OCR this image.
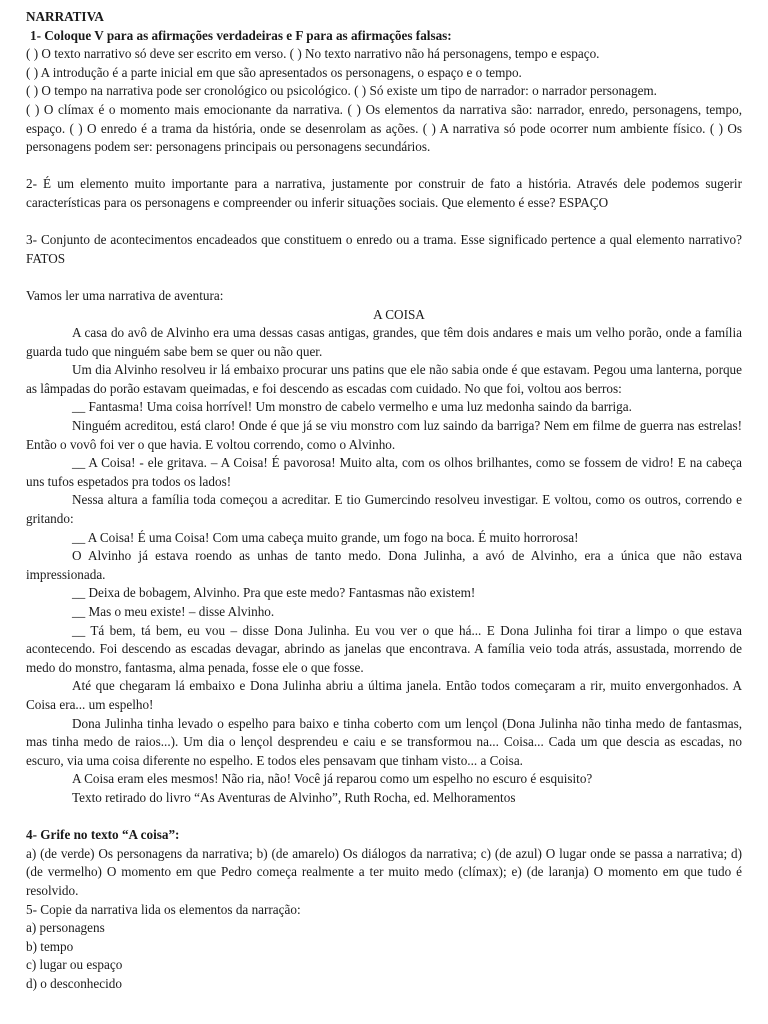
NARRATIVA

1- Coloque V para as afirmações verdadeiras e F para as afirmações falsas:

( ) O texto narrativo só deve ser escrito em verso. ( ) No texto narrativo não há personagens, tempo e espaço.

( ) A introdução é a parte inicial em que são apresentados os personagens, o espaço e o tempo.

( ) O tempo na narrativa pode ser cronológico ou psicológico. ( ) Só existe um tipo de narrador: o narrador personagem.

( ) O clímax é o momento mais emocionante da narrativa. ( ) Os elementos da narrativa são: narrador, enredo, personagens, tempo, espaço. ( ) O enredo é a trama da história, onde se desenrolam as ações. ( ) A narrativa só pode ocorrer num ambiente físico. ( ) Os personagens podem ser: personagens principais ou personagens secundários.

2- É um elemento muito importante para a narrativa, justamente por construir de fato a história. Através dele podemos sugerir características para os personagens e compreender ou inferir situações sociais. Que elemento é esse? ESPAÇO

3- Conjunto de acontecimentos encadeados que constituem o enredo ou a trama. Esse significado pertence a qual elemento narrativo? FATOS

Vamos ler uma narrativa de aventura:

A COISA

A casa do avô de Alvinho era uma dessas casas antigas, grandes, que têm dois andares e mais um velho porão, onde a família guarda tudo que ninguém sabe bem se quer ou não quer.

Um dia Alvinho resolveu ir lá embaixo procurar uns patins que ele não sabia onde é que estavam. Pegou uma lanterna, porque as lâmpadas do porão estavam queimadas, e foi descendo as escadas com cuidado. No que foi, voltou aos berros:

__ Fantasma! Uma coisa horrível! Um monstro de cabelo vermelho e uma luz medonha saindo da barriga.

Ninguém acreditou, está claro! Onde é que já se viu monstro com luz saindo da barriga? Nem em filme de guerra nas estrelas! Então o vovô foi ver o que havia. E voltou correndo, como o Alvinho.

__ A Coisa! - ele gritava. – A Coisa! É pavorosa! Muito alta, com os olhos brilhantes, como se fossem de vidro! E na cabeça uns tufos espetados pra todos os lados!

Nessa altura a família toda começou a acreditar. E tio Gumercindo resolveu investigar. E voltou, como os outros, correndo e gritando:

__ A Coisa! É uma Coisa! Com uma cabeça muito grande, um fogo na boca. É muito horrorosa!

O Alvinho já estava roendo as unhas de tanto medo. Dona Julinha, a avó de Alvinho, era a única que não estava impressionada.

__ Deixa de bobagem, Alvinho. Pra que este medo? Fantasmas não existem!

__ Mas o meu existe! – disse Alvinho.

__ Tá bem, tá bem, eu vou – disse Dona Julinha. Eu vou ver o que há... E Dona Julinha foi tirar a limpo o que estava acontecendo. Foi descendo as escadas devagar, abrindo as janelas que encontrava. A família veio toda atrás, assustada, morrendo de medo do monstro, fantasma, alma penada, fosse ele o que fosse.

Até que chegaram lá embaixo e Dona Julinha abriu a última janela. Então todos começaram a rir, muito envergonhados. A Coisa era... um espelho!

Dona Julinha tinha levado o espelho para baixo e tinha coberto com um lençol (Dona Julinha não tinha medo de fantasmas, mas tinha medo de raios...). Um dia o lençol desprendeu e caiu e se transformou na... Coisa... Cada um que descia as escadas, no escuro, via uma coisa diferente no espelho. E todos eles pensavam que tinham visto... a Coisa.

A Coisa eram eles mesmos! Não ria, não! Você já reparou como um espelho no escuro é esquisito?

Texto retirado do livro “As Aventuras de Alvinho”, Ruth Rocha, ed. Melhoramentos

4- Grife no texto “A coisa”:

a) (de verde) Os personagens da narrativa; b) (de amarelo) Os diálogos da narrativa; c) (de azul) O lugar onde se passa a narrativa; d) (de vermelho) O momento em que Pedro começa realmente a ter muito medo (clímax); e) (de laranja) O momento em que tudo é resolvido.

5- Copie da narrativa lida os elementos da narração:

a) personagens

b) tempo

c) lugar ou espaço

d) o desconhecido
